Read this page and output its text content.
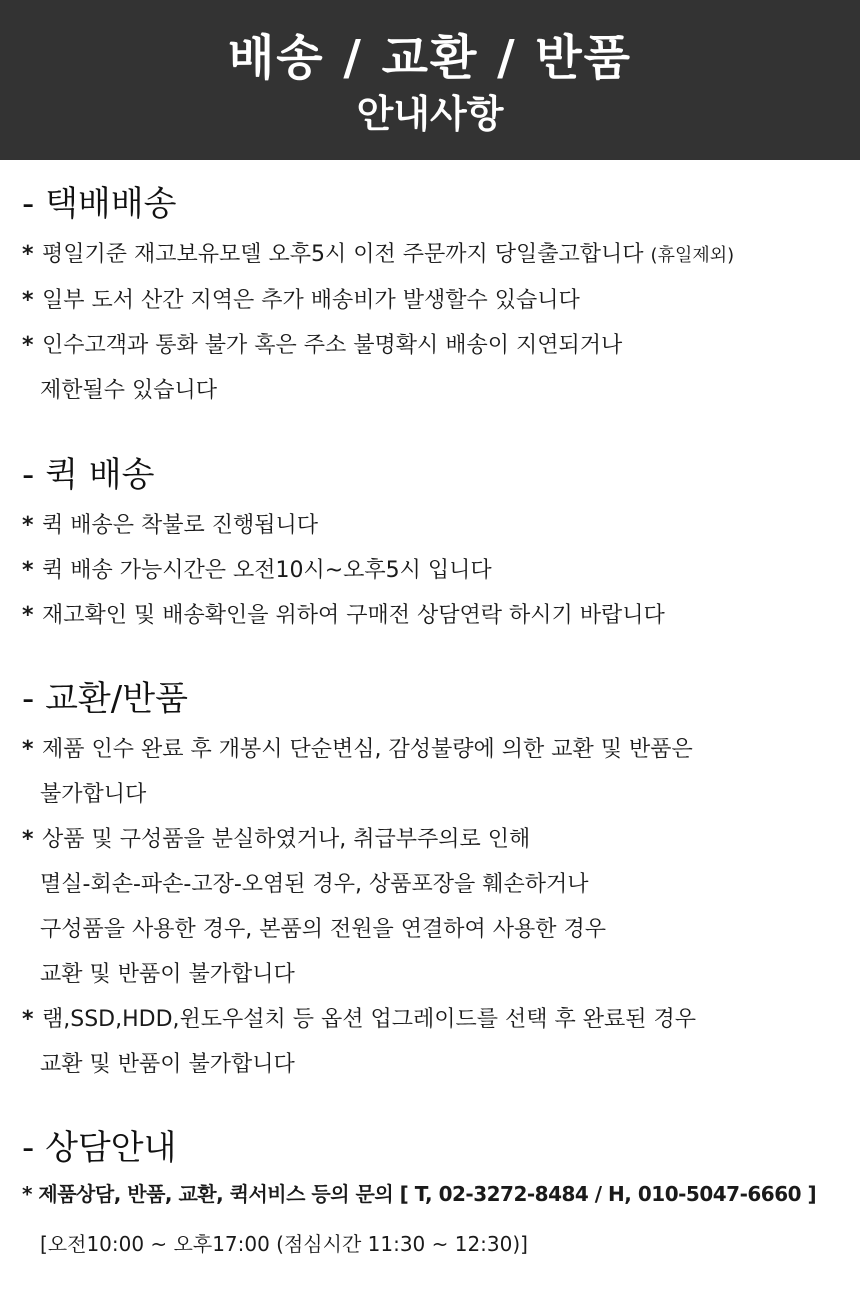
배송 / 교환 / 반품
안내사항
- 택배배송
* 평일기준 재고보유모델 오후5시 이전 주문까지 당일출고합니다 (휴일제외)
* 일부 도서 산간 지역은 추가 배송비가 발생할수 있습니다
* 인수고객과 통화 불가 혹은 주소 불명확시 배송이 지연되거나
제한될수 있습니다
- 퀵 배송
* 퀵 배송은 착불로 진행됩니다
* 퀵 배송 가능시간은 오전10시~오후5시 입니다
* 재고확인 및 배송확인을 위하여 구매전 상담연락 하시기 바랍니다
- 교환/반품
* 제품 인수 완료 후 개봉시 단순변심, 감성불량에 의한 교환 및 반품은
불가합니다
* 상품 및 구성품을 분실하였거나, 취급부주의로 인해
멸실-회손-파손-고장-오염된 경우, 상품포장을 훼손하거나
구성품을 사용한 경우, 본품의 전원을 연결하여 사용한 경우
교환 및 반품이 불가합니다
* 램,SSD,HDD,윈도우설치 등 옵션 업그레이드를 선택 후 완료된 경우
교환 및 반품이 불가합니다
- 상담안내
* 제품상담, 반품, 교환, 퀵서비스 등의 문의 [ T, 02-3272-8484 / H, 010-5047-6660 ]
[오전10:00 ~ 오후17:00 (점심시간 11:30 ~ 12:30)]
